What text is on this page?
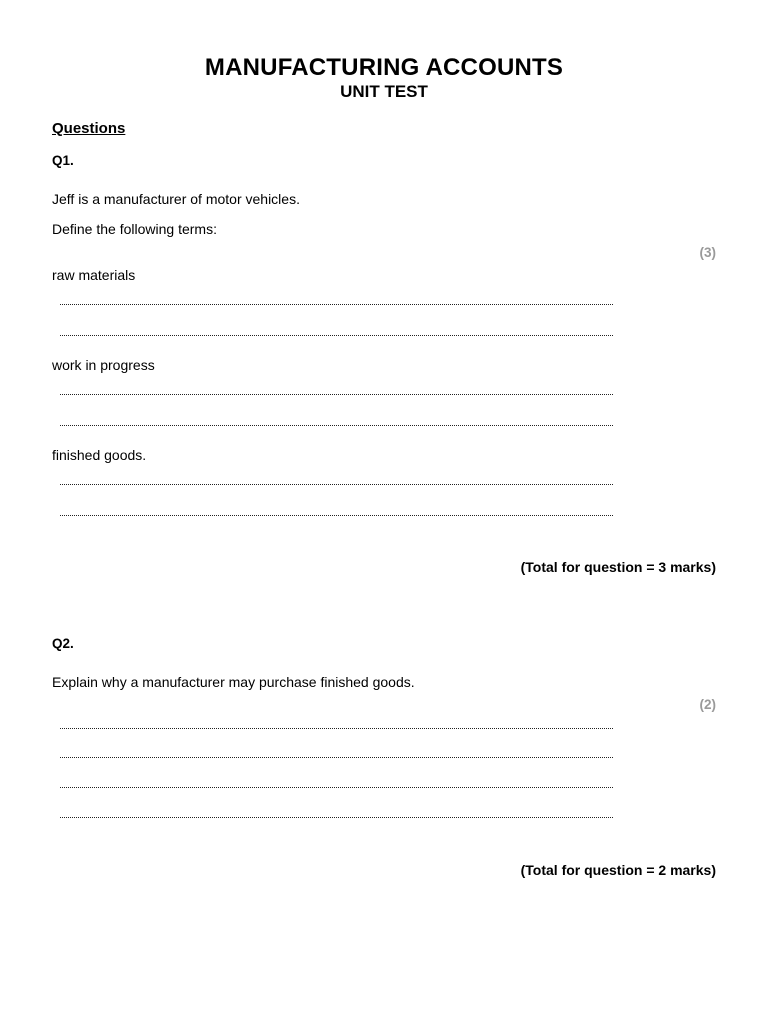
MANUFACTURING ACCOUNTS
UNIT TEST
Questions
Q1.
Jeff is a manufacturer of motor vehicles.
Define the following terms:
(3)
raw materials
work in progress
finished goods.
(Total for question = 3 marks)
Q2.
Explain why a manufacturer may purchase finished goods.
(2)
(Total for question = 2 marks)
